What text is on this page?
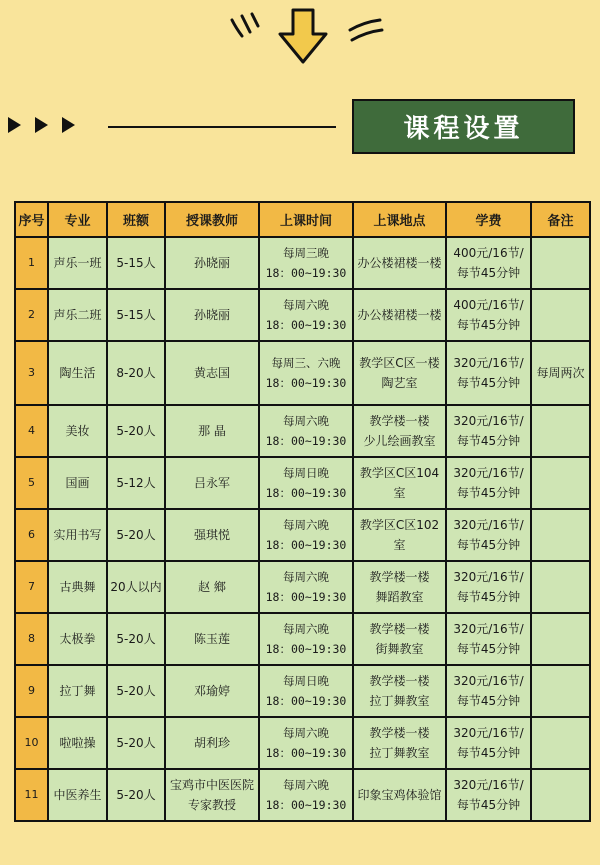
课程设置
序号	专业	班额	授课教师	上课时间	上课地点	学费	备注
1	声乐一班	5-15人	孙晓丽	每周三晚
18：00~19:30	办公楼裙楼一楼	400元/16节/
每节45分钟	
2	声乐二班	5-15人	孙晓丽	每周六晚
18：00~19:30	办公楼裙楼一楼	400元/16节/
每节45分钟	
3	陶生活	8-20人	黄志国	每周三、六晚
18：00~19:30	教学区C区一楼
陶艺室	320元/16节/
每节45分钟	每周两次
4	美妆	5-20人	那 晶	每周六晚
18：00~19:30	教学楼一楼
少儿绘画教室	320元/16节/
每节45分钟	
5	国画	5-12人	吕永军	每周日晚
18：00~19:30	教学区C区104室	320元/16节/
每节45分钟	
6	实用书写	5-20人	强琪悦	每周六晚
18：00~19:30	教学区C区102室	320元/16节/
每节45分钟	
7	古典舞	20人以内	赵 鄉	每周六晚
18：00~19:30	教学楼一楼
舞蹈教室	320元/16节/
每节45分钟	
8	太极拳	5-20人	陈玉莲	每周六晚
18：00~19:30	教学楼一楼
街舞教室	320元/16节/
每节45分钟	
9	拉丁舞	5-20人	邓瑜婷	每周日晚
18：00~19:30	教学楼一楼
拉丁舞教室	320元/16节/
每节45分钟	
10	啦啦操	5-20人	胡利珍	每周六晚
18：00~19:30	教学楼一楼
拉丁舞教室	320元/16节/
每节45分钟	
11	中医养生	5-20人	宝鸡市中医医院
专家教授	每周六晚
18：00~19:30	印象宝鸡体验馆	320元/16节/
每节45分钟	
